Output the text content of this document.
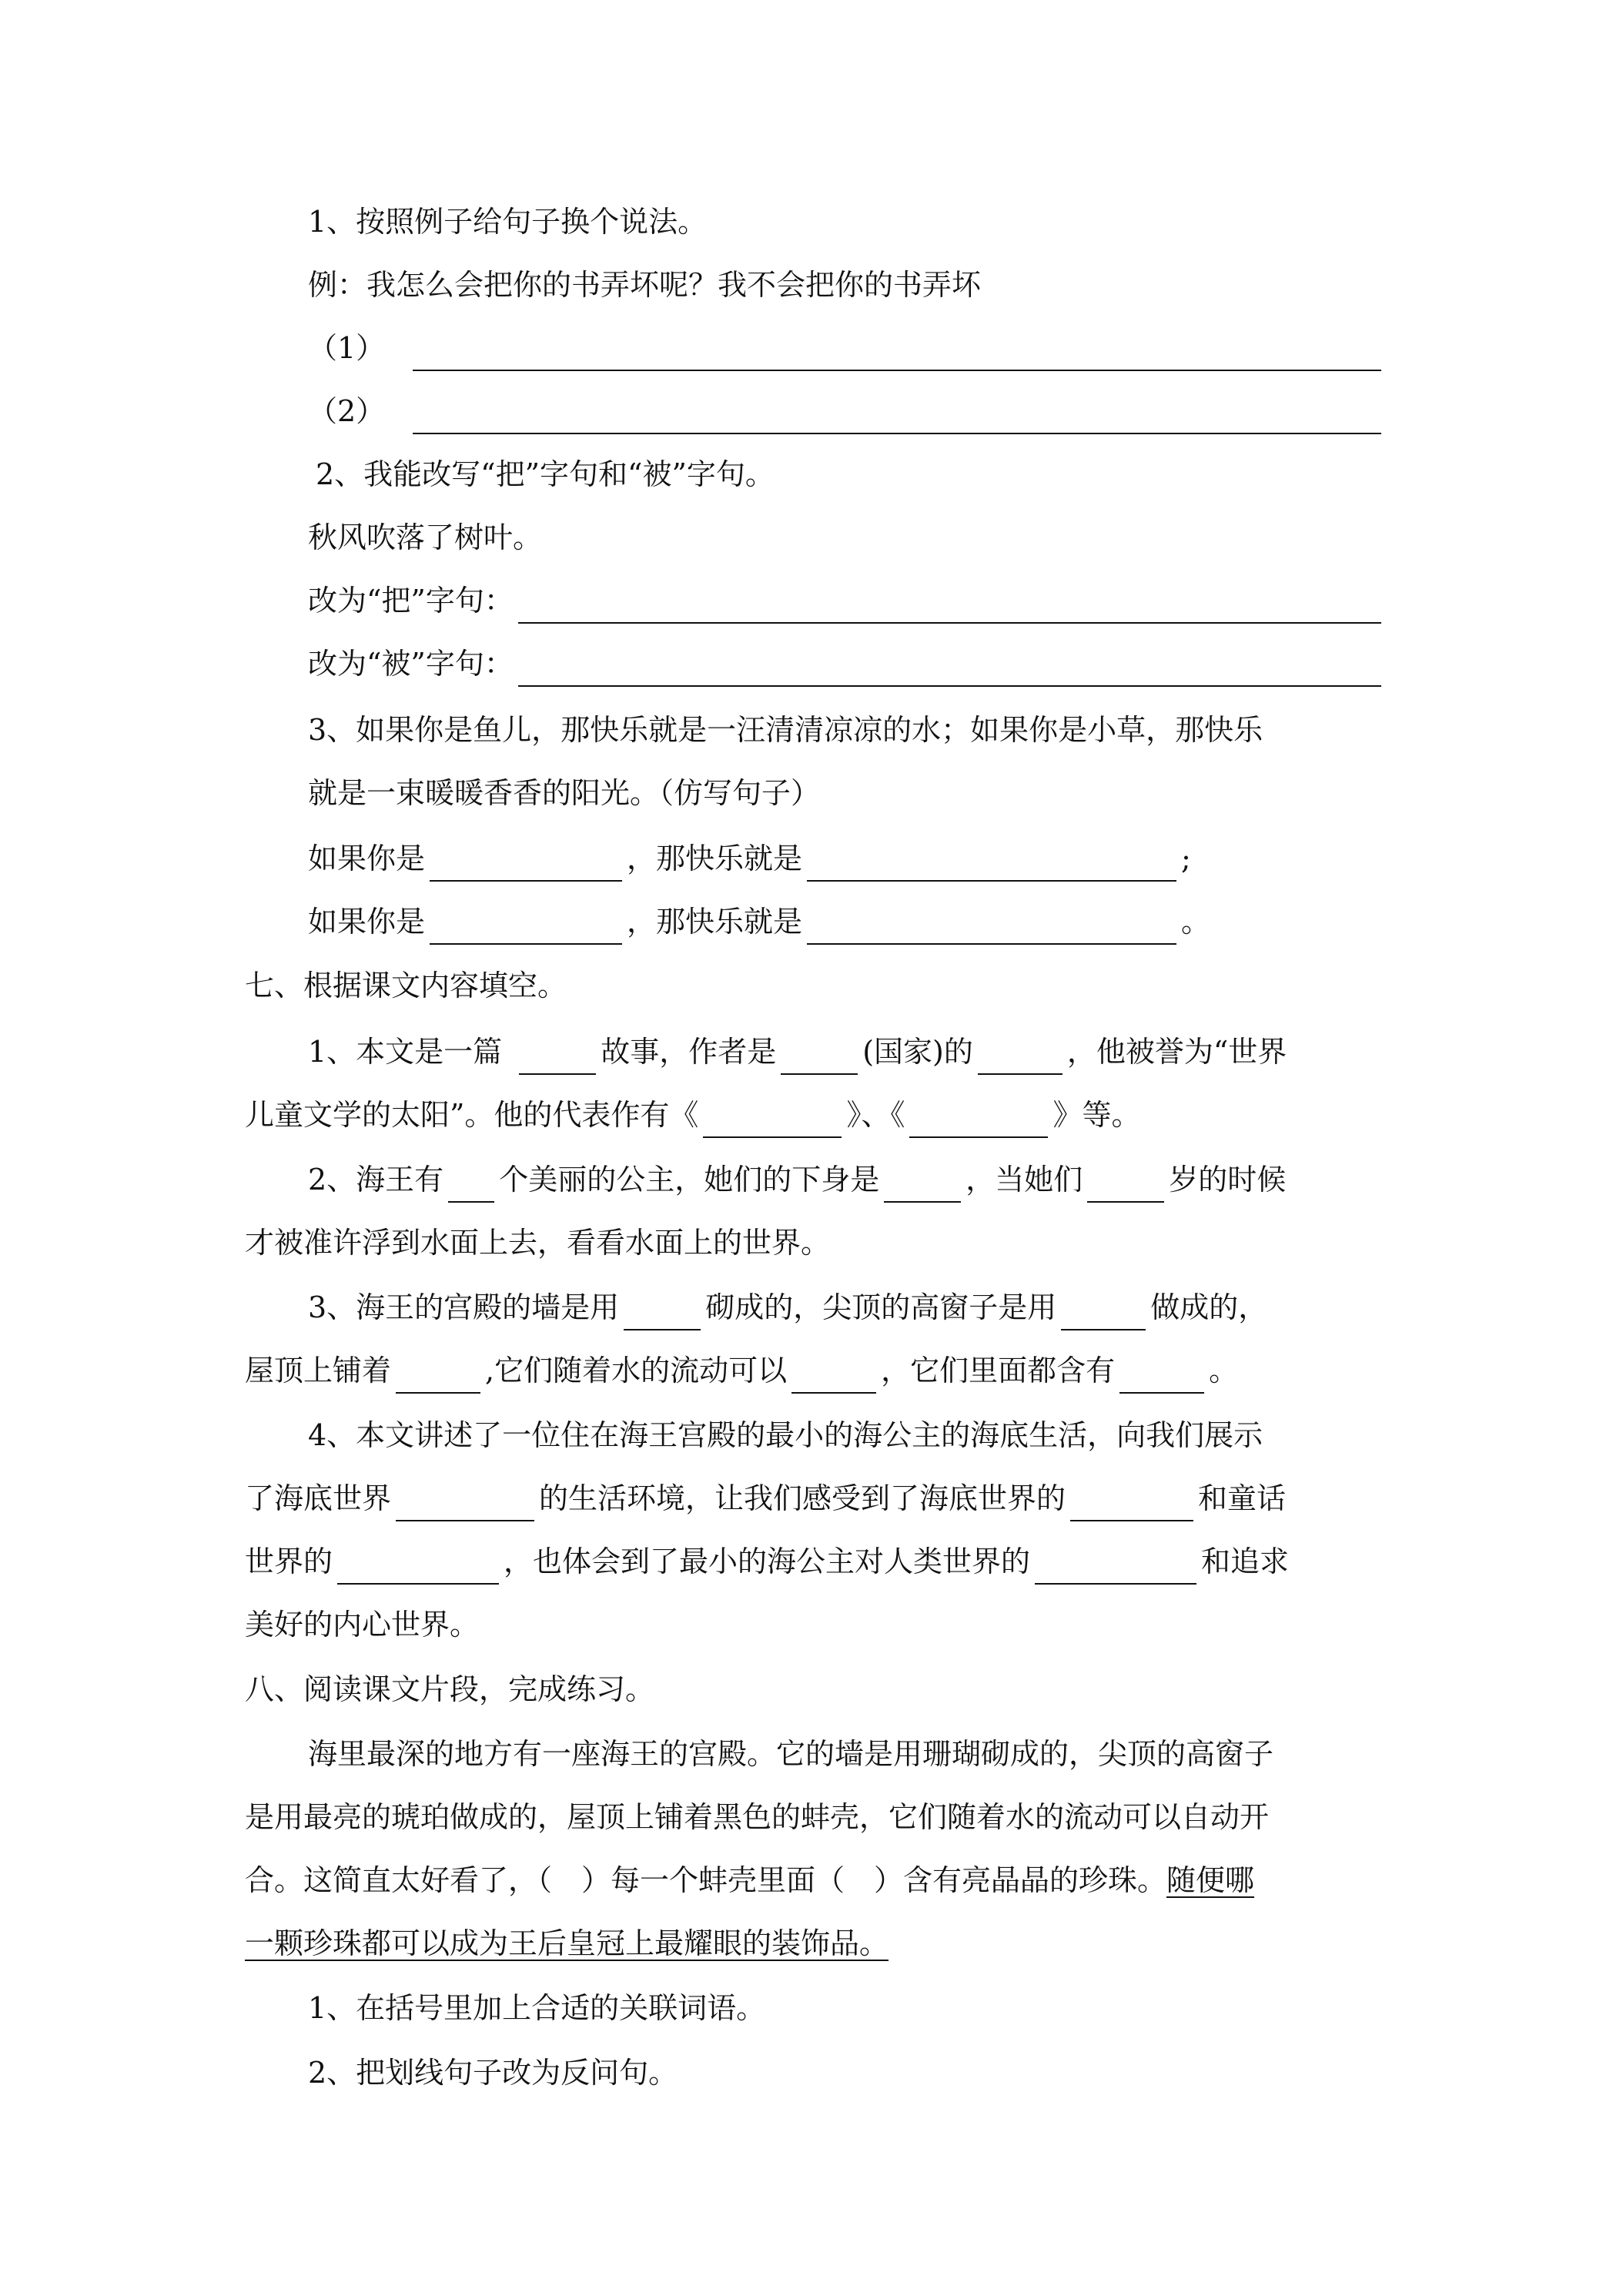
1、按照例子给句子换个说法。
例：我怎么会把你的书弄坏呢？我不会把你的书弄坏
（1）
（2）
2、我能改写“把”字句和“被”字句。
秋风吹落了树叶。
改为“把”字句：
改为“被”字句：
3、如果你是鱼儿，那快乐就是一汪清清凉凉的水；如果你是小草，那快乐
就是一束暖暖香香的阳光。（仿写句子）
如果你是	，那快乐就是	;
如果你是	，那快乐就是	。
七、根据课文内容填空。
1、本文是一篇	故事，作者是	(国家)的	，他被誉为“世界
儿童文学的太阳”。他的代表作有《	》、《	》等。
2、海王有 个美丽的公主，她们的下身是	，当她们	岁的时候
才被准许浮到水面上去，看看水面上的世界。
3、海王的宫殿的墙是用	砌成的，尖顶的高窗子是用	做成的，
屋顶上铺着	,它们随着水的流动可以	，它们里面都含有	。
4、本文讲述了一位住在海王宫殿的最小的海公主的海底生活，向我们展示
了海底世界	的生活环境，让我们感受到了海底世界的	和童话
世界的	，也体会到了最小的海公主对人类世界的	和追求
美好的内心世界。
八、阅读课文片段，完成练习。
海里最深的地方有一座海王的宫殿。它的墙是用珊瑚砌成的，尖顶的高窗子
是用最亮的琥珀做成的，屋顶上铺着黑色的蚌壳，它们随着水的流动可以自动开
合。这简直太好看了，（　）每一个蚌壳里面（　）含有亮晶晶的珍珠。 随便哪
一颗珍珠都可以成为王后皇冠上最耀眼的装饰品。
1、在括号里加上合适的关联词语。
2、把划线句子改为反问句。
